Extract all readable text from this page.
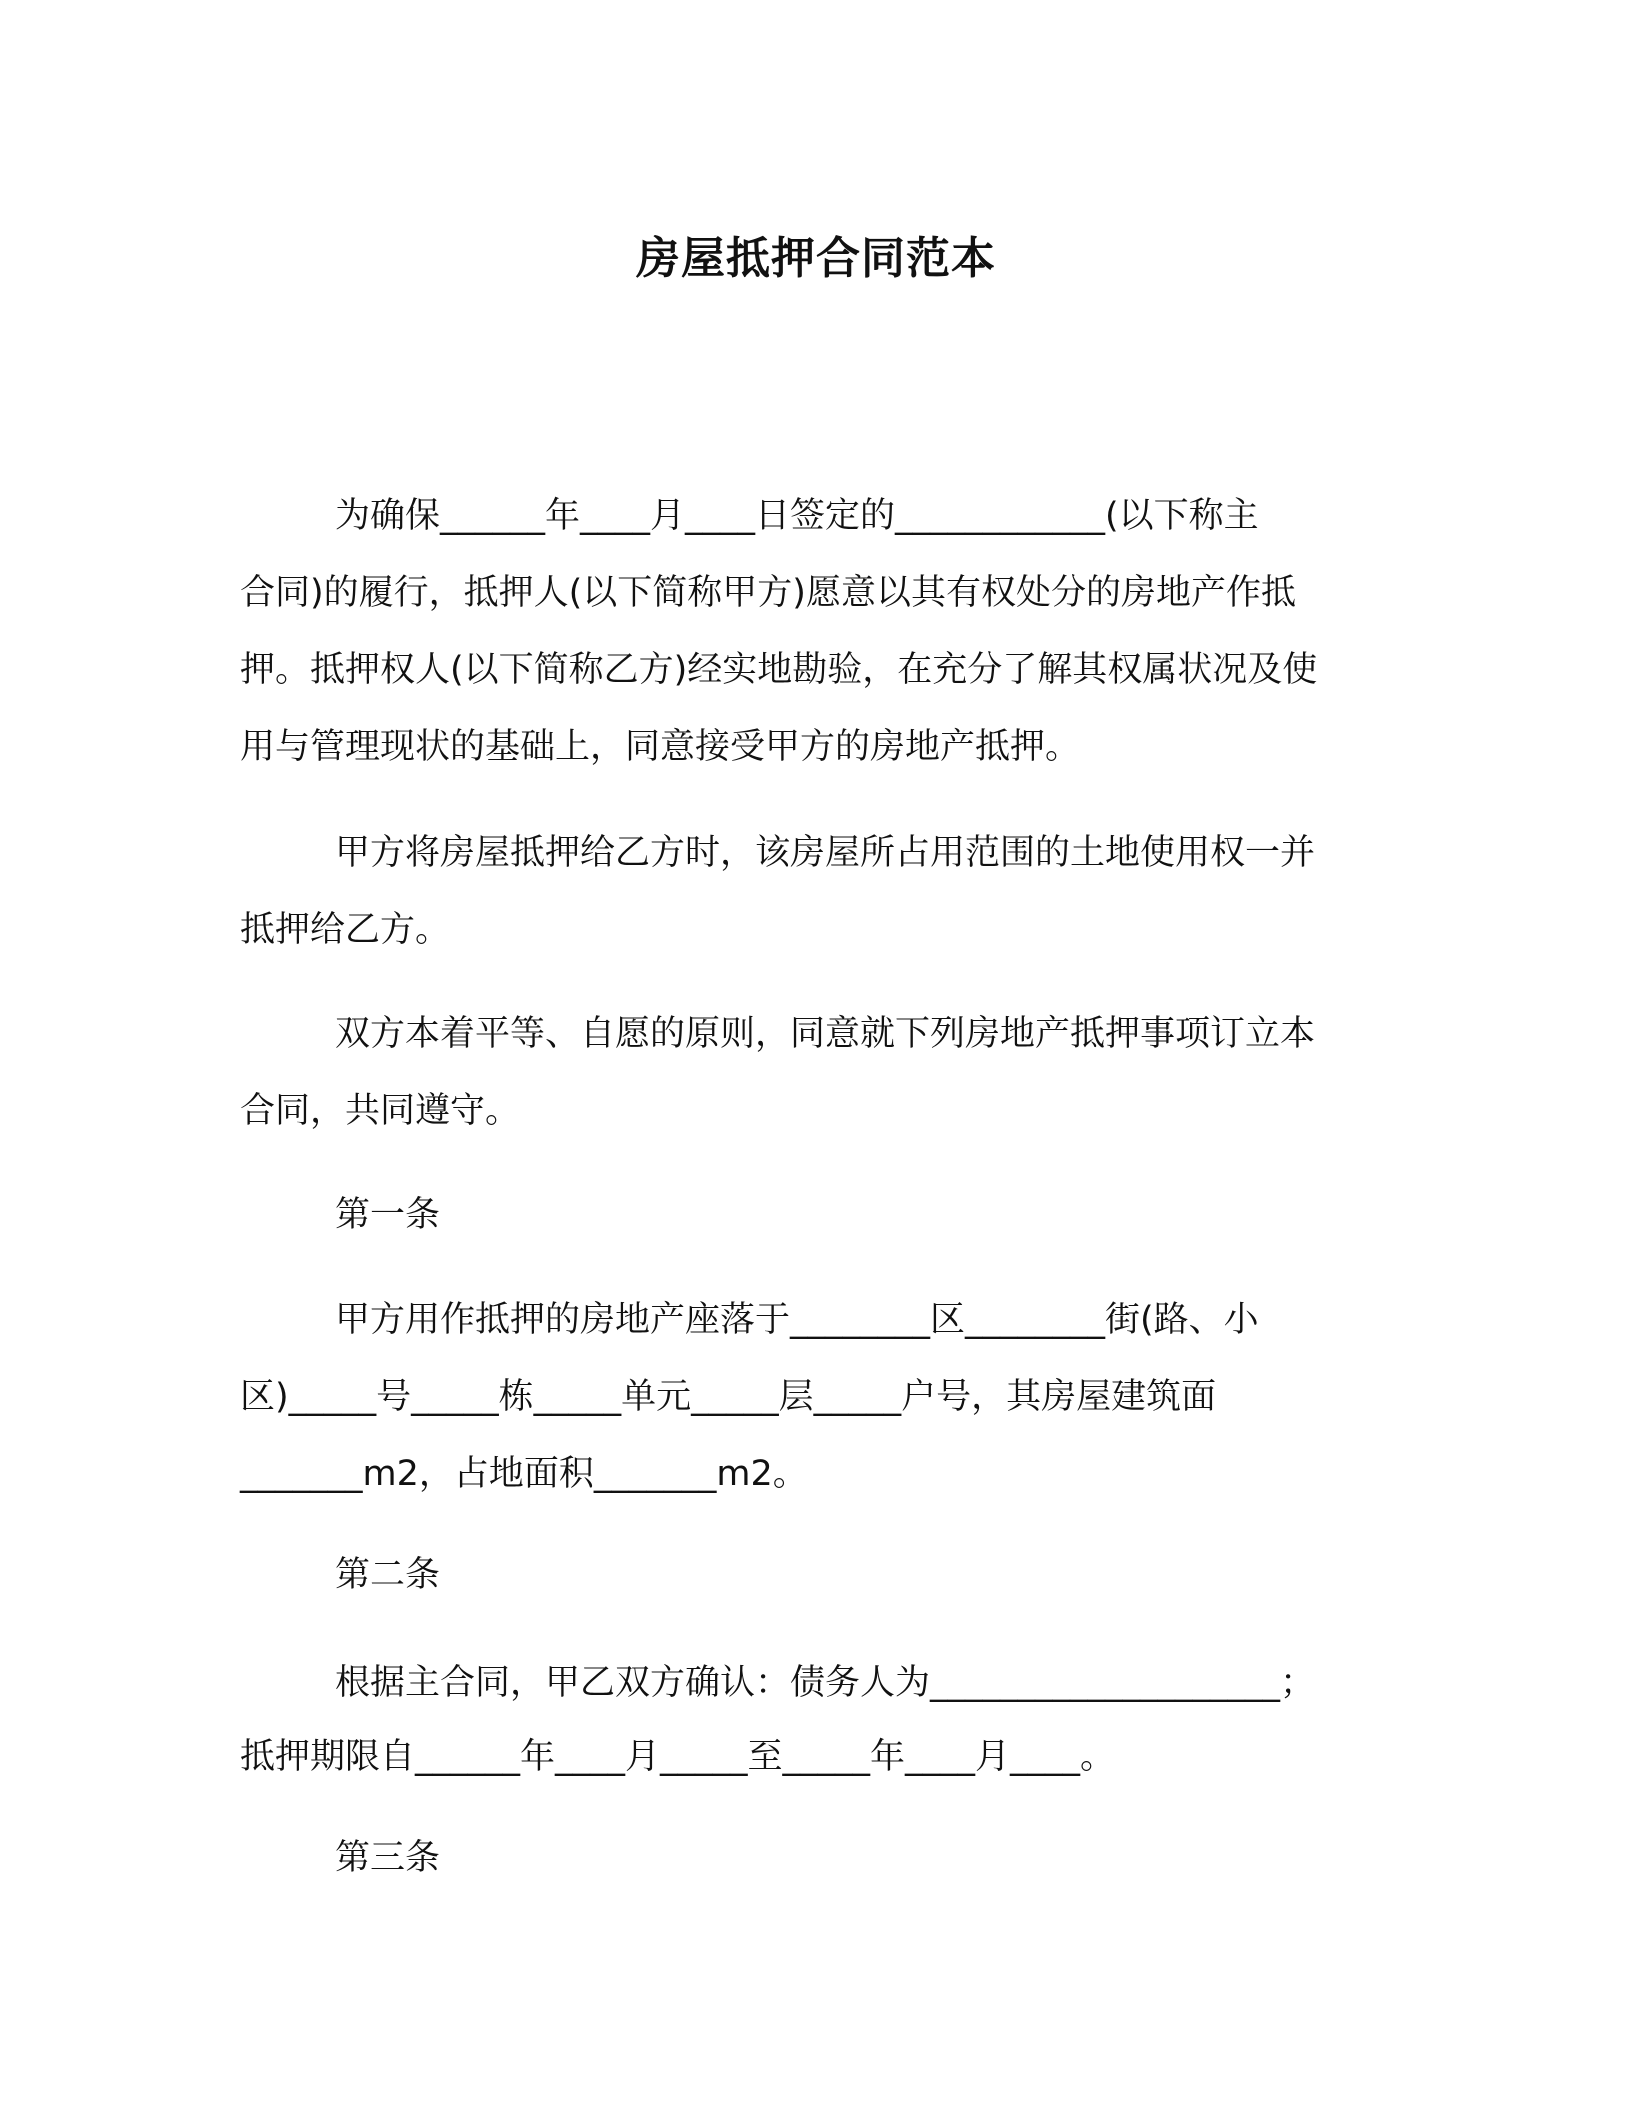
房屋抵押合同范本
为确保______年____月____日签定的____________(以下称主
合同)的履行，抵押人(以下简称甲方)愿意以其有权处分的房地产作抵
押。抵押权人(以下简称乙方)经实地勘验，在充分了解其权属状况及使
用与管理现状的基础上，同意接受甲方的房地产抵押。
甲方将房屋抵押给乙方时，该房屋所占用范围的土地使用权一并
抵押给乙方。
双方本着平等、自愿的原则，同意就下列房地产抵押事项订立本
合同，共同遵守。
第一条
甲方用作抵押的房地产座落于________区________街(路、小
区)_____号_____栋_____单元_____层_____户号，其房屋建筑面
_______m2，占地面积_______m2。
第二条
根据主合同，甲乙双方确认：债务人为____________________；
抵押期限自______年____月_____至_____年____月____。
第三条
